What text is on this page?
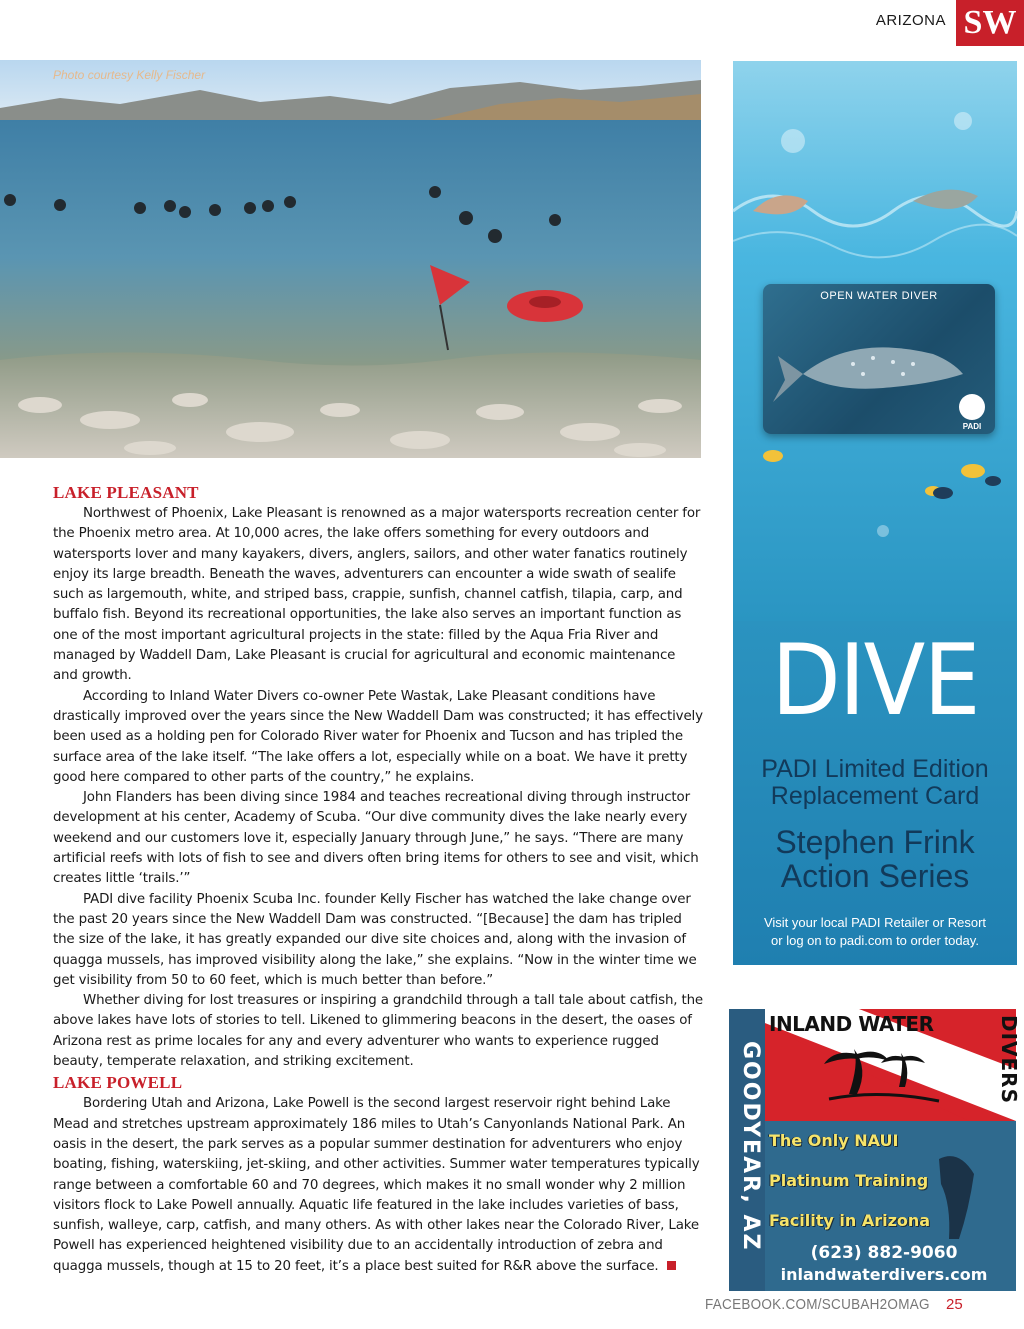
ARIZONA SW
Photo courtesy Kelly Fischer
LAKE PLEASANT

Northwest of Phoenix, Lake Pleasant is renowned as a major watersports recreation center for the Phoenix metro area. At 10,000 acres, the lake offers something for every outdoors and watersports lover and many kayakers, divers, anglers, sailors, and other water fanatics routinely enjoy its large breadth. Beneath the waves, adventurers can encounter a wide swath of sealife such as largemouth, white, and striped bass, crappie, sunfish, channel catfish, tilapia, carp, and buffalo fish. Beyond its recreational opportunities, the lake also serves an important function as one of the most important agricultural projects in the state: filled by the Aqua Fria River and managed by Waddell Dam, Lake Pleasant is crucial for agricultural and economic maintenance and growth.

According to Inland Water Divers co-owner Pete Wastak, Lake Pleasant conditions have drastically improved over the years since the New Waddell Dam was constructed; it has effectively been used as a holding pen for Colorado River water for Phoenix and Tucson and has tripled the surface area of the lake itself. “The lake offers a lot, especially while on a boat. We have it pretty good here compared to other parts of the country,” he explains.

John Flanders has been diving since 1984 and teaches recreational diving through instructor development at his center, Academy of Scuba. “Our dive community dives the lake nearly every weekend and our customers love it, especially January through June,” he says. “There are many artificial reefs with lots of fish to see and divers often bring items for others to see and visit, which creates little ‘trails.’”

PADI dive facility Phoenix Scuba Inc. founder Kelly Fischer has watched the lake change over the past 20 years since the New Waddell Dam was constructed. “[Because] the dam has tripled the size of the lake, it has greatly expanded our dive site choices and, along with the invasion of quagga mussels, has improved visibility along the lake,” she explains. “Now in the winter time we get visibility from 50 to 60 feet, which is much better than before.”

Whether diving for lost treasures or inspiring a grandchild through a tall tale about catfish, the above lakes have lots of stories to tell. Likened to glimmering beacons in the desert, the oases of Arizona rest as prime locales for any and every adventurer who wants to experience rugged beauty, temperate relaxation, and striking excitement.

LAKE POWELL

Bordering Utah and Arizona, Lake Powell is the second largest reservoir right behind Lake Mead and stretches upstream approximately 186 miles to Utah’s Canyonlands National Park. An oasis in the desert, the park serves as a popular summer destination for adventurers who enjoy boating, fishing, waterskiing, jet-skiing, and other activities. Summer water temperatures typically range between a comfortable 60 and 70 degrees, which makes it no small wonder why 2 million visitors flock to Lake Powell annually. Aquatic life featured in the lake includes varieties of bass, sunfish, walleye, carp, catfish, and many others. As with other lakes near the Colorado River, Lake Powell has experienced heightened visibility due to an accidentally introduction of zebra and quagga mussels, though at 15 to 20 feet, it’s a place best suited for R&R above the surface.

OPEN WATER DIVER
PADI
DIVE
PADI Limited Edition
Replacement Card
Stephen Frink
Action Series
Visit your local PADI Retailer or Resort
or log on to padi.com to order today.
INLAND WATER	DIVERS
GOODYEAR, AZ The Only NAUI
Platinum Training
Facility in Arizona
(623) 882-9060
inlandwaterdivers.com
FACEBOOK.COM/SCUBAH2OMAG 25
